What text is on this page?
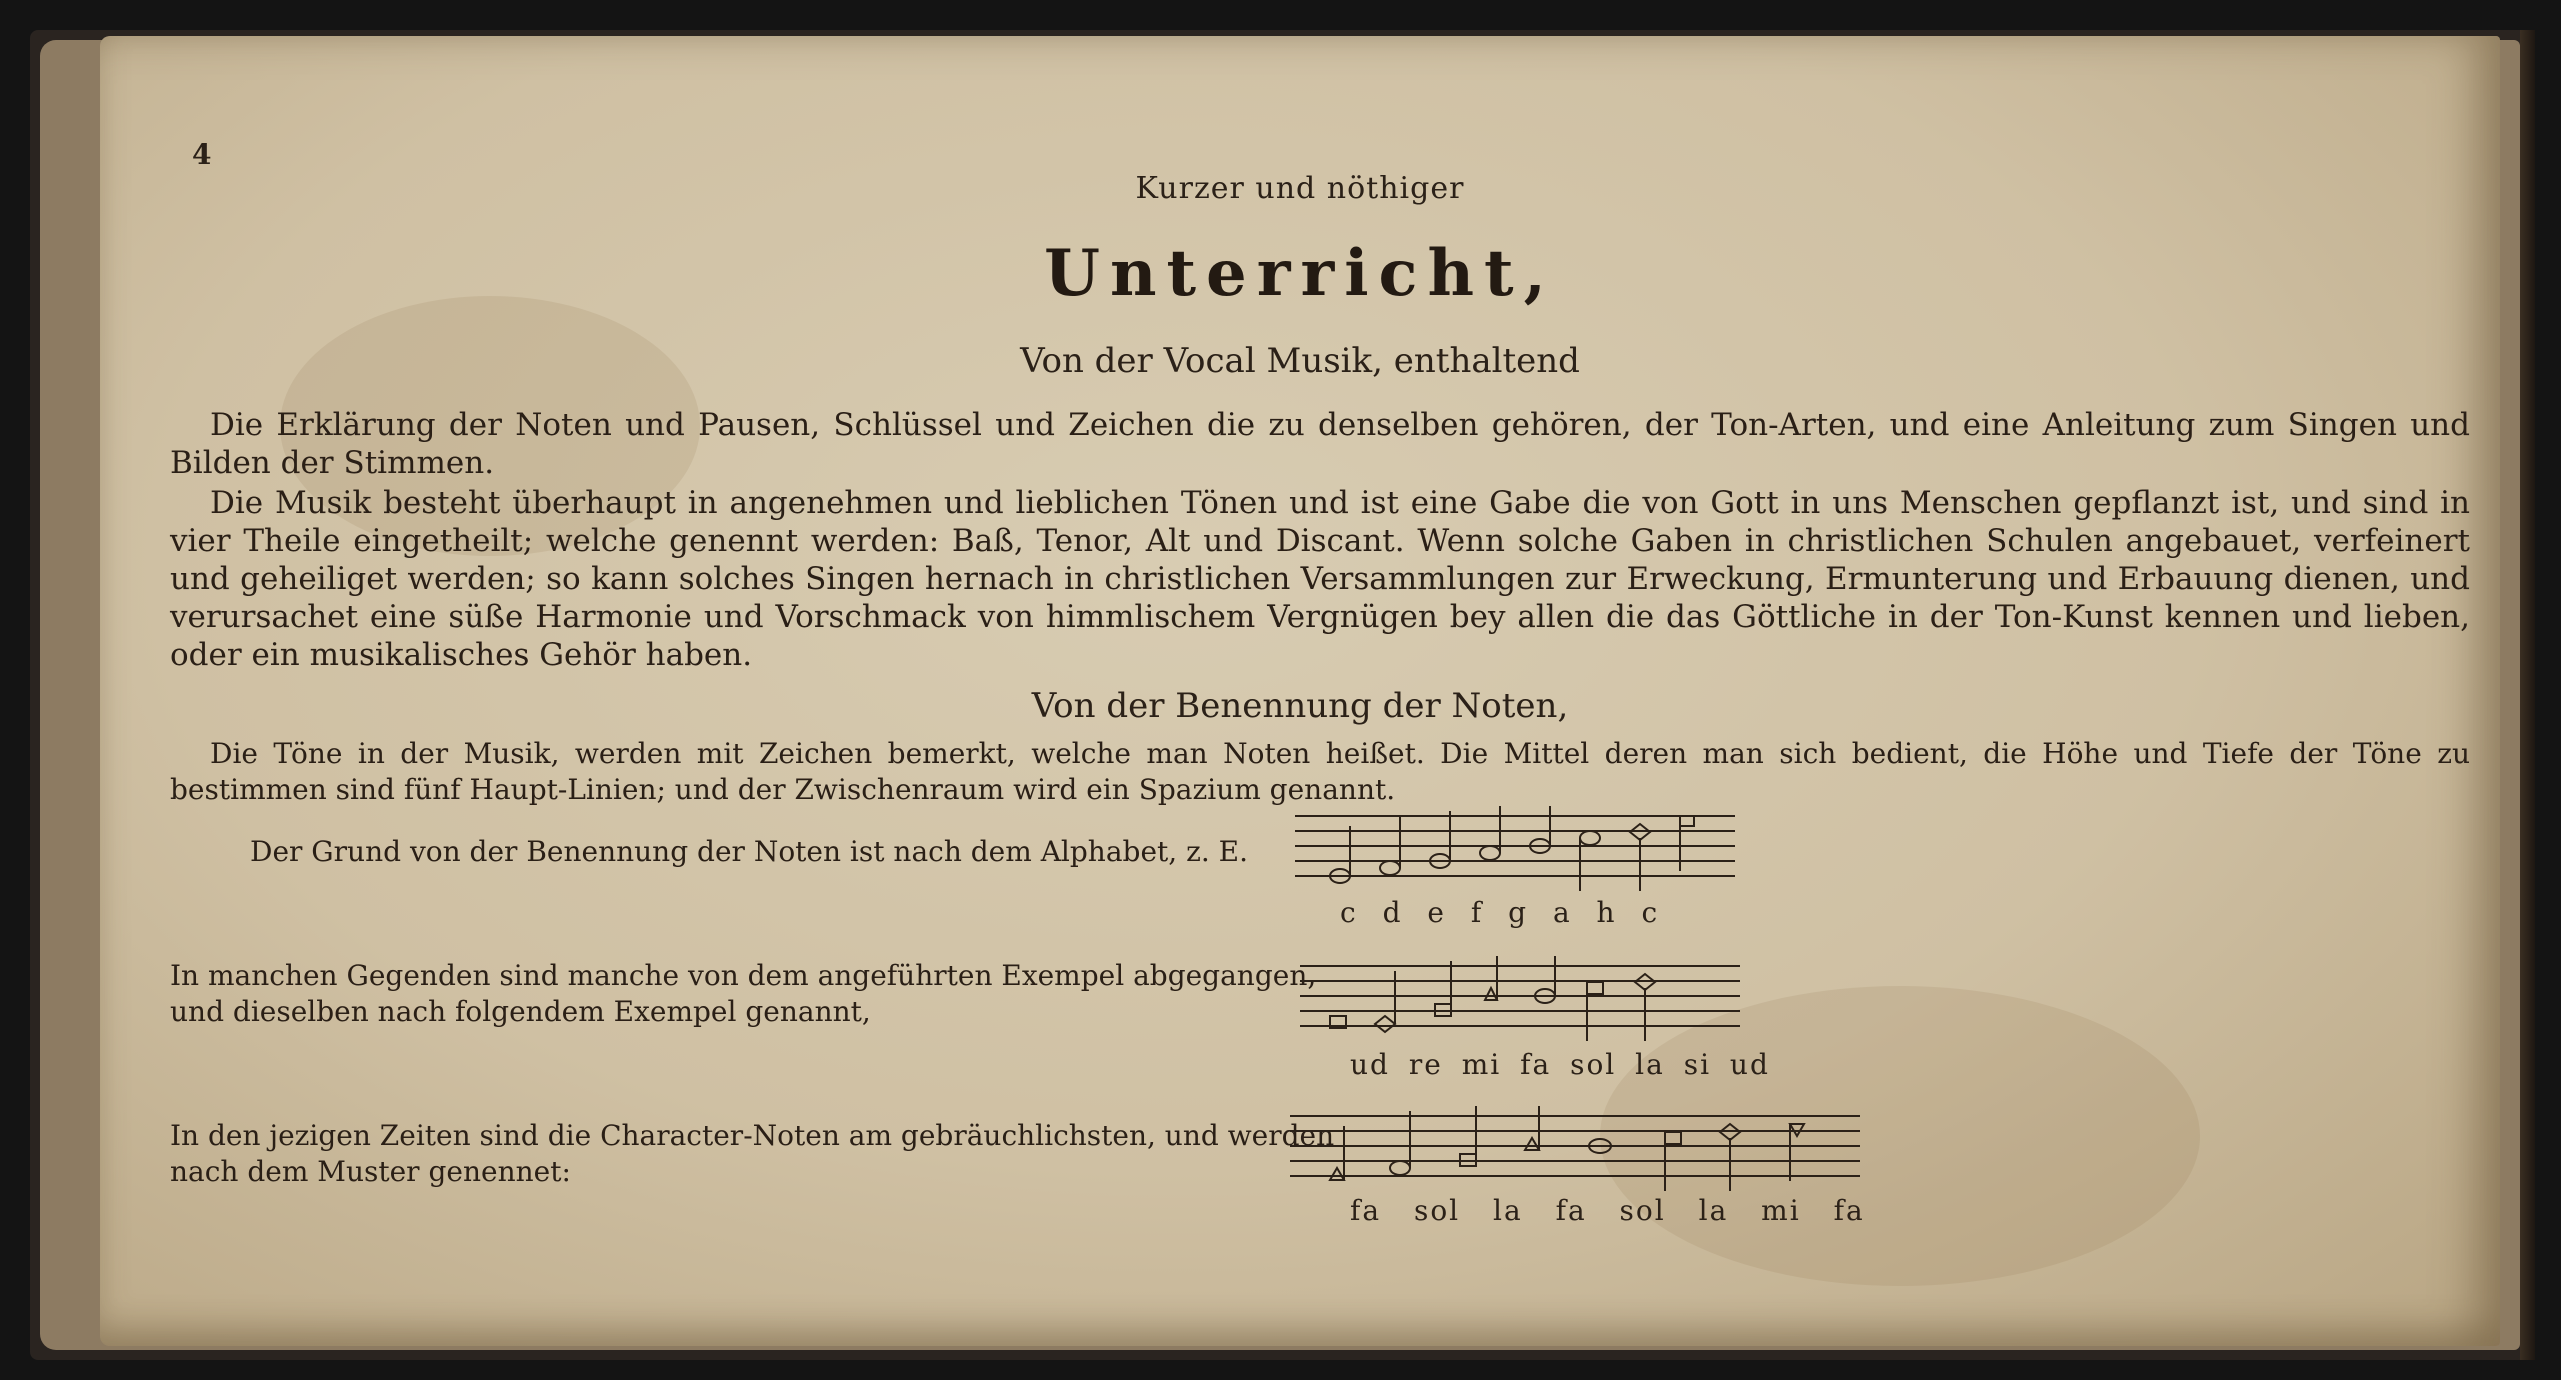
4
Kurzer und nöthiger
Unterricht,
Von der Vocal Musik, enthaltend
Die Erklärung der Noten und Pausen, Schlüssel und Zeichen die zu denselben gehören, der Ton-Arten, und eine Anleitung zum Singen und Bilden der Stimmen.
Die Musik besteht überhaupt in angenehmen und lieblichen Tönen und ist eine Gabe die von Gott in uns Menschen gepflanzt ist, und sind in vier Theile eingetheilt; welche genennt werden: Baß, Tenor, Alt und Discant. Wenn solche Gaben in christlichen Schulen angebauet, verfeinert und geheiliget werden; so kann solches Singen hernach in christlichen Versammlungen zur Erweckung, Ermunterung und Erbauung dienen, und verursachet eine süße Harmonie und Vorschmack von himmlischem Vergnügen bey allen die das Göttliche in der Ton-Kunst kennen und lieben, oder ein musikalisches Gehör haben.
Von der Benennung der Noten,
Die Töne in der Musik, werden mit Zeichen bemerkt, welche man Noten heißet. Die Mittel deren man sich bedient, die Höhe und Tiefe der Töne zu bestimmen sind fünf Haupt-Linien; und der Zwischenraum wird ein Spazium genannt.
Der Grund von der Benennung der Noten ist nach dem Alphabet, z. E.
c d e f g a h c
In manchen Gegenden sind manche von dem angeführten Exempel abgegangen, und dieselben nach folgendem Exempel genannt,
ud re mi fa sol la si ud
In den jezigen Zeiten sind die Character-Noten am gebräuchlichsten, und werden nach dem Muster genennet:
fa sol la fa sol la mi fa
